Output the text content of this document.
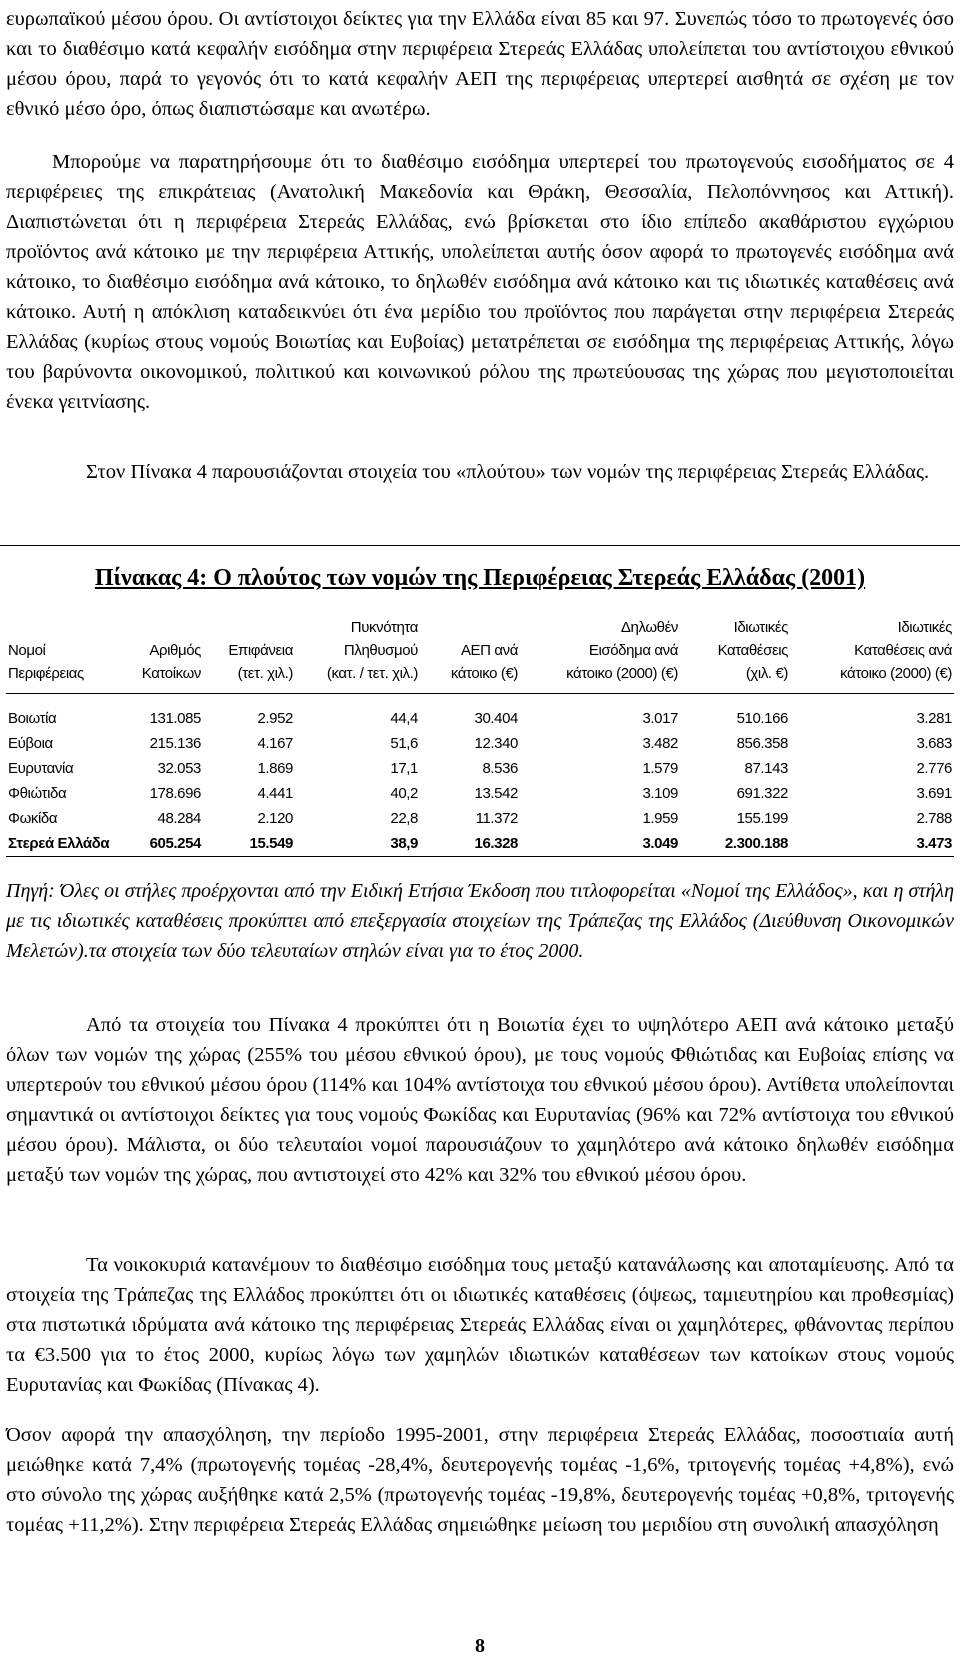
ευρωπαϊκού μέσου όρου. Οι αντίστοιχοι δείκτες για την Ελλάδα είναι 85 και 97. Συνεπώς τόσο το πρωτογενές όσο και το διαθέσιμο κατά κεφαλήν εισόδημα στην περιφέρεια Στερεάς Ελλάδας υπολείπεται του αντίστοιχου εθνικού μέσου όρου, παρά το γεγονός ότι το κατά κεφαλήν ΑΕΠ της περιφέρειας υπερτερεί αισθητά σε σχέση με τον εθνικό μέσο όρο, όπως διαπιστώσαμε και ανωτέρω.

Μπορούμε να παρατηρήσουμε ότι το διαθέσιμο εισόδημα υπερτερεί του πρωτογενούς εισοδήματος σε 4 περιφέρειες της επικράτειας (Ανατολική Μακεδονία και Θράκη, Θεσσαλία, Πελοπόννησος και Αττική). Διαπιστώνεται ότι η περιφέρεια Στερεάς Ελλάδας, ενώ βρίσκεται στο ίδιο επίπεδο ακαθάριστου εγχώριου προϊόντος ανά κάτοικο με την περιφέρεια Αττικής, υπολείπεται αυτής όσον αφορά το πρωτογενές εισόδημα ανά κάτοικο, το διαθέσιμο εισόδημα ανά κάτοικο, το δηλωθέν εισόδημα ανά κάτοικο και τις ιδιωτικές καταθέσεις ανά κάτοικο. Αυτή η απόκλιση καταδεικνύει ότι ένα μερίδιο του προϊόντος που παράγεται στην περιφέρεια Στερεάς Ελλάδας (κυρίως στους νομούς Βοιωτίας και Ευβοίας) μετατρέπεται σε εισόδημα της περιφέρειας Αττικής, λόγω του βαρύνοντα οικονομικού, πολιτικού και κοινωνικού ρόλου της πρωτεύουσας της χώρας που μεγιστοποιείται ένεκα γειτνίασης.

Στον Πίνακα 4 παρουσιάζονται στοιχεία του «πλούτου» των νομών της περιφέρειας Στερεάς Ελλάδας.

Πίνακας 4: Ο πλούτος των νομών της Περιφέρειας Στερεάς Ελλάδας (2001)
			Πυκνότητα		Δηλωθέν	Ιδιωτικές	Ιδιωτικές
Νομοί	Αριθμός	Επιφάνεια	Πληθυσμού	ΑΕΠ ανά	Εισόδημα ανά	Καταθέσεις	Καταθέσεις ανά
Περιφέρειας	Κατοίκων	(τετ. χιλ.)	(κατ. / τετ. χιλ.)	κάτοικο (€)	κάτοικο (2000) (€)	(χιλ. €)	κάτοικο (2000) (€)
Βοιωτία	131.085	2.952	44,4	30.404	3.017	510.166	3.281
Εύβοια	215.136	4.167	51,6	12.340	3.482	856.358	3.683
Ευρυτανία	32.053	1.869	17,1	8.536	1.579	87.143	2.776
Φθιώτιδα	178.696	4.441	40,2	13.542	3.109	691.322	3.691
Φωκίδα	48.284	2.120	22,8	11.372	1.959	155.199	2.788
Στερεά Ελλάδα	605.254	15.549	38,9	16.328	3.049	2.300.188	3.473

Πηγή: Όλες οι στήλες προέρχονται από την Ειδική Ετήσια Έκδοση που τιτλοφορείται «Νομοί της Ελλάδος», και η στήλη με τις ιδιωτικές καταθέσεις προκύπτει από επεξεργασία στοιχείων της Τράπεζας της Ελλάδος (Διεύθυνση Οικονομικών Μελετών).τα στοιχεία των δύο τελευταίων στηλών είναι για το έτος 2000.

Από τα στοιχεία του Πίνακα 4 προκύπτει ότι η Βοιωτία έχει το υψηλότερο ΑΕΠ ανά κάτοικο μεταξύ όλων των νομών της χώρας (255% του μέσου εθνικού όρου), με τους νομούς Φθιώτιδας και Ευβοίας επίσης να υπερτερούν του εθνικού μέσου όρου (114% και 104% αντίστοιχα του εθνικού μέσου όρου). Αντίθετα υπολείπονται σημαντικά οι αντίστοιχοι δείκτες για τους νομούς Φωκίδας και Ευρυτανίας (96% και 72% αντίστοιχα του εθνικού μέσου όρου). Μάλιστα, οι δύο τελευταίοι νομοί παρουσιάζουν το χαμηλότερο ανά κάτοικο δηλωθέν εισόδημα μεταξύ των νομών της χώρας, που αντιστοιχεί στο 42% και 32% του εθνικού μέσου όρου.

Τα νοικοκυριά κατανέμουν το διαθέσιμο εισόδημα τους μεταξύ κατανάλωσης και αποταμίευσης. Από τα στοιχεία της Τράπεζας της Ελλάδος προκύπτει ότι οι ιδιωτικές καταθέσεις (όψεως, ταμιευτηρίου και προθεσμίας) στα πιστωτικά ιδρύματα ανά κάτοικο της περιφέρειας Στερεάς Ελλάδας είναι οι χαμηλότερες, φθάνοντας περίπου τα €3.500 για το έτος 2000, κυρίως λόγω των χαμηλών ιδιωτικών καταθέσεων των κατοίκων στους νομούς Ευρυτανίας και Φωκίδας (Πίνακας 4).

Όσον αφορά την απασχόληση, την περίοδο 1995-2001, στην περιφέρεια Στερεάς Ελλάδας, ποσοστιαία αυτή μειώθηκε κατά 7,4% (πρωτογενής τομέας -28,4%, δευτερογενής τομέας -1,6%, τριτογενής τομέας +4,8%), ενώ στο σύνολο της χώρας αυξήθηκε κατά 2,5% (πρωτογενής τομέας -19,8%, δευτερογενής τομέας +0,8%, τριτογενής τομέας +11,2%). Στην περιφέρεια Στερεάς Ελλάδας σημειώθηκε μείωση του μεριδίου στη συνολική απασχόληση

8
